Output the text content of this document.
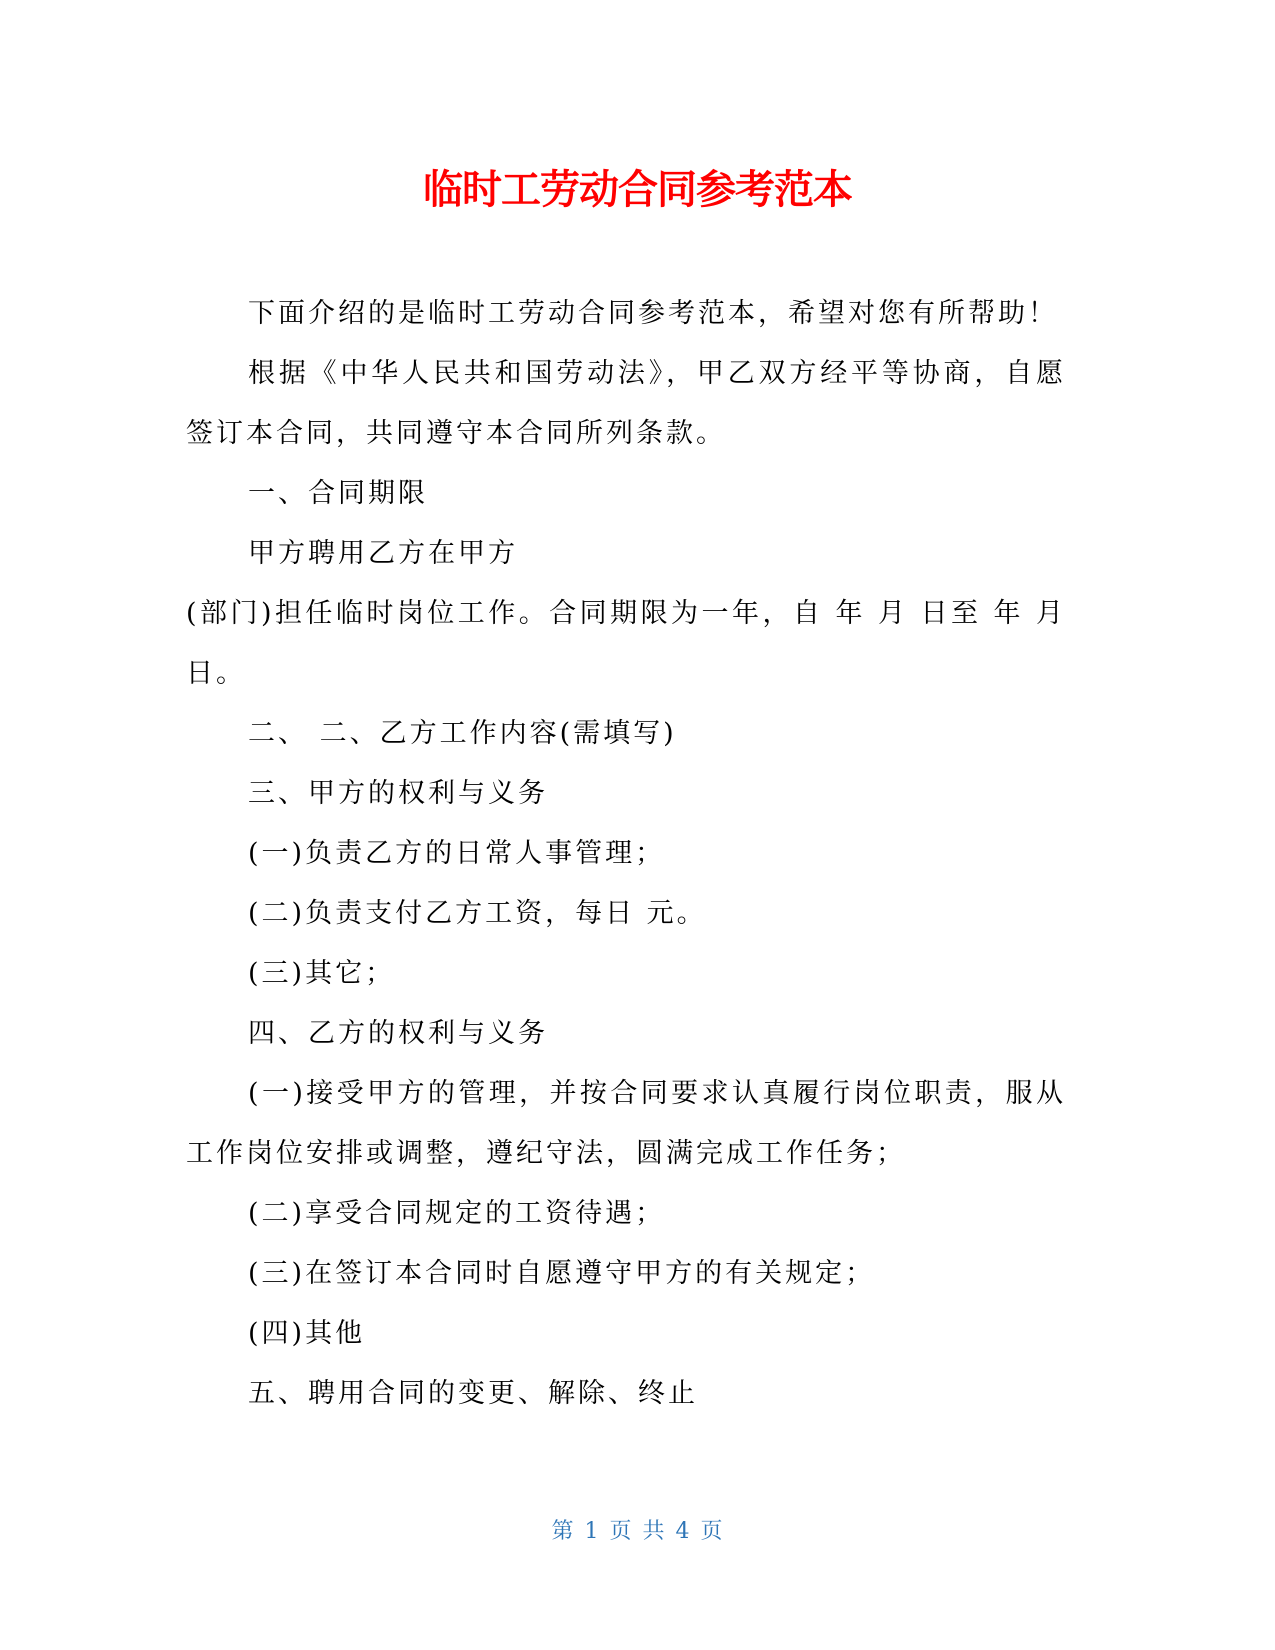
临时工劳动合同参考范本

下面介绍的是临时工劳动合同参考范本，希望对您有所帮助！

根据《中华人民共和国劳动法》，甲乙双方经平等协商，自愿签订本合同，共同遵守本合同所列条款。

一、合同期限

甲方聘用乙方在甲方

(部门)担任临时岗位工作。合同期限为一年，自 年 月 日至 年 月 日。

二、 二、乙方工作内容(需填写)

三、甲方的权利与义务

(一)负责乙方的日常人事管理；

(二)负责支付乙方工资，每日 元。

(三)其它；

四、乙方的权利与义务

(一)接受甲方的管理，并按合同要求认真履行岗位职责，服从工作岗位安排或调整，遵纪守法，圆满完成工作任务；

(二)享受合同规定的工资待遇；

(三)在签订本合同时自愿遵守甲方的有关规定；

(四)其他

五、聘用合同的变更、解除、终止

第 1 页 共 4 页
